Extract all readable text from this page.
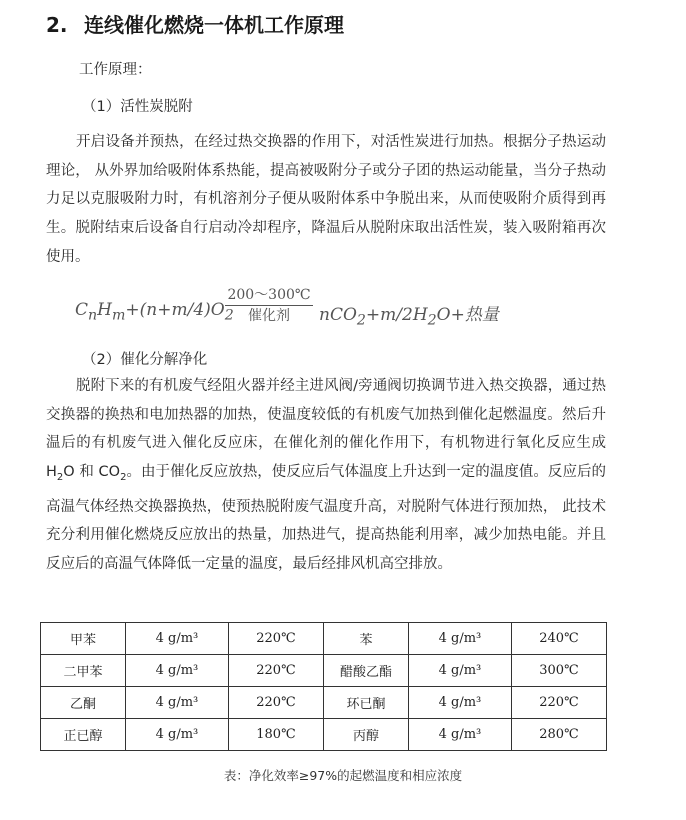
2. 连线催化燃烧一体机工作原理
工作原理：
（1）活性炭脱附
开启设备并预热，在经过热交换器的作用下，对活性炭进行加热。根据分子热运动理论， 从外界加给吸附体系热能，提高被吸附分子或分子团的热运动能量，当分子热动力足以克服吸附力时，有机溶剂分子便从吸附体系中争脱出来，从而使吸附介质得到再生。脱附结束后设备自行启动冷却程序，降温后从脱附床取出活性炭，装入吸附箱再次使用。
$C_nH_m+(n+m/4)O_2$
200～300℃
催化剂	$nCO_2+m/2H_2O+$热量
（2）催化分解净化
脱附下来的有机废气经阻火器并经主进风阀/旁通阀切换调节进入热交换器，通过热交换器的换热和电加热器的加热，使温度较低的有机废气加热到催化起燃温度。然后升温后的有机废气进入催化反应床，在催化剂的催化作用下，有机物进行氧化反应生成 $H_2O$ 和 $CO_2$。由于催化反应放热，使反应后气体温度上升达到一定的温度值。反应后的高温气体经热交换器换热，使预热脱附废气温度升高，对脱附气体进行预加热， 此技术充分利用催化燃烧反应放出的热量，加热进气，提高热能利用率，减少加热电能。并且反应后的高温气体降低一定量的温度，最后经排风机高空排放。
甲苯	4 g/m³	220℃	苯	4 g/m³	240℃
二甲苯	4 g/m³	220℃	醋酸乙酯	4 g/m³	300℃
乙酮	4 g/m³	220℃	环已酮	4 g/m³	220℃
正已醇	4 g/m³	180℃	丙醇	4 g/m³	280℃
表：净化效率≥97%的起燃温度和相应浓度
